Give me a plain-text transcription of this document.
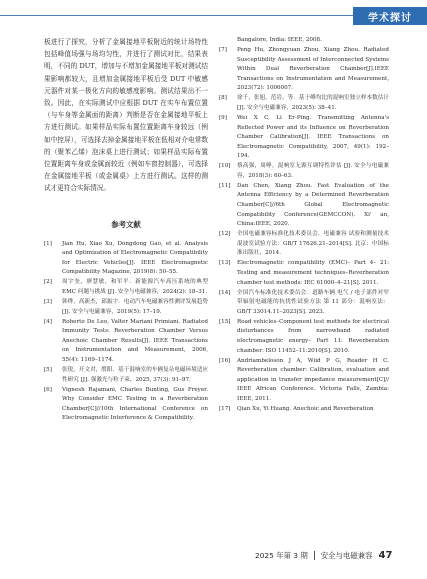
学术探讨

板进行了探究，分析了金属接地平板附近的统计场特性包括峰值场强与场均匀性，并进行了测试对比，结果表明，不同的 DUT，增加与不增加金属接地平板对测试结果影响都较大，且增加金属接地平板后受 DUT 中敏感元器件对某一极化方向的敏感度影响。测试结果出不一致。因此，在实际测试中应根据 DUT 在实车布置位置（与车身等金属面的距离）判断是否在金属接地平板上方进行测试。如果样品实际布置位置距离车身较远（例如中控屏），可选择去掉金属接地平板在低相对介电常数的（聚苯乙烯）泡沫桌上进行测试；如果样品实际布置位置距离车身或金属面较近（例如车窗控制器），可选择在金属接地平板（或金属桌）上方进行测试。这样的测试才更符合实际情况。

参考文献
[1]	Jian Hu, Xiao Xu, Dongdong Gao, et al. Analysis and Optimization of Electromagnetic Compatibility for Electric Vehicles[J]. IEEE Electromagnetic Compatibility Magazine, 2019(8): 50–55.
[2]	周宇奎，廖慧敏，和军平．新能源汽车高压系统的典型 EMC 问题与挑战 [J]. 安全与电磁兼容，2024(2): 18–31.
[3]	韩烨，高新杰，邱振宇．电动汽车电磁兼容性测评发展趋势 [J]. 安全与电磁兼容，2019(5): 17–19.
[4]	Roberto De Leo, Valter Mariani Primiani. Radiated Immunity Tests: Reverberation Chamber Versus Anechoic Chamber Results[J]. IEEE Transactions on Instrumentation and Measurement, 2006, 55(4): 1169–1174.
[5]	张锐，开文君，殷阳．基于混响室的车辆复杂电磁环境适应性研究 [J]. 强激光与粒子束，2025, 37(3): 91–97.
[6]	Vignesh Rajamani, Charles Bunting, Gus Freyer. Why Consider EMC Testing in a Reverberation Chamber[C]//10th International Conference on Electromagnetic Interference & Compatibility.
Bangalore, India: IEEE, 2008.
[7]	Peng Hu, Zhongyuan Zhou, Xiang Zhou. Radiated Susceptibility Assessment of Interconnected Systems Within Dual Reverberation Chamber[J].IEEE Transactions on Instrumentation and Measurement, 2023(72): 1006007.
[8]	徐千，张旭，范岩，等．基于峰均比的混响室独立样本数估计 [J]. 安全与电磁兼容，2023(5): 38–41.
[9]	Wei X C, Li Er-Ping. Transmitting Antenna's Reflected Power and its Influence on Reverberation Chamber Calibration[J]. IEEE Transactions on Electromagnetic Compatibility, 2007, 49(1): 192–194.
[10]	蔡高强，周峥，混响室无源互调特性评估 [J]. 安全与电磁兼容，2018(3): 60–63.
[11]	Dan Chen, Xiang Zhou. Fast Evaluation of the Antenna Efficiency by a Determined Reverberation Chamber[C]//6th Global Electromagnetic Compatibility Conference(GEMCCON). Xi' an, China:IEEE, 2020.
[12]	全国电磁兼容标准化技术委员会．电磁兼容 试验和测量技术 混波室试验方法：GB/T 17626.21–2014[S]. 北京：中国标准出版社，2014.
[13]	Electromagnetic compatibility (EMC)– Part 4– 21: Testing and measurement techniques–Reverberation chamber test methods: IEC 61000–4–21[S]. 2011.
[14]	全国汽车标准化技术委员会．道路车辆 电气 / 电子部件对窄带辐射电磁能的抗扰性试验方法 第 11 部分：混响室法：GB/T 33014.11–2023[S]. 2023.
[15]	Road vehicles–Component test methods for electrical disturbances from narrowband radiated electromagnetic energy– Part 11: Reverberation chamber: ISO 11452–11:2010[S]. 2010.
[16]	Andriambeloson J A, Wiid P G, Reader H C. Reverberation chamber: Calibration, evaluation and application in transfer impedance measurement[C]// IEEE African Conference. Victoria Falls, Zambia: IEEE, 2011.
[17]	Qian Xu, Yi Huang. Anechoic and Reverberation
2025 年第 3 期 安全与电磁兼容 47
